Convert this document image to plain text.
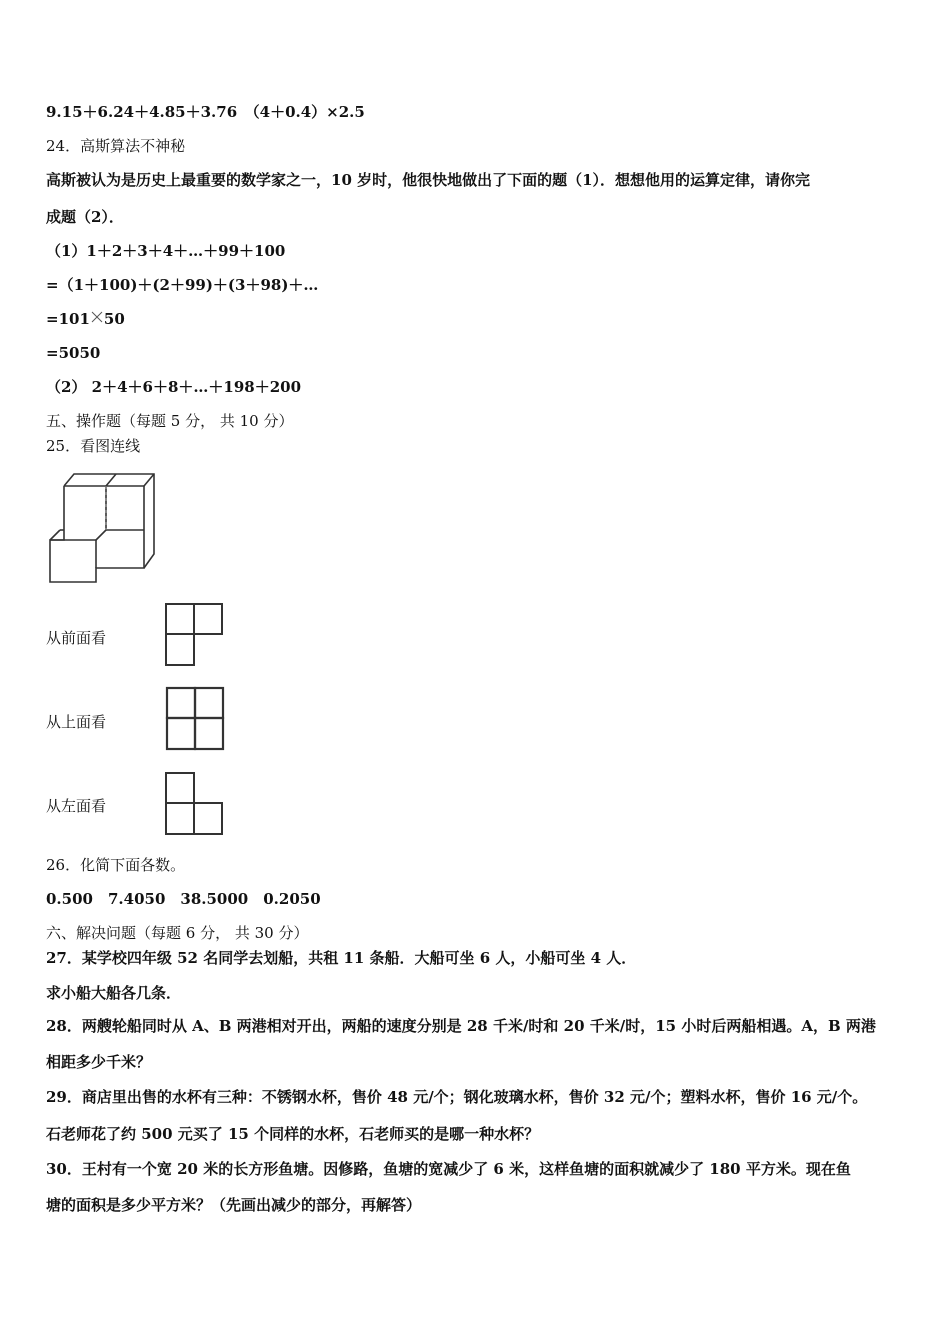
9.15＋6.24＋4.85＋3.76　（4＋0.4）×2.5
24．高斯算法不神秘
高斯被认为是历史上最重要的数学家之一，10 岁时，他很快地做出了下面的题（1）．想想他用的运算定律，请你完
成题（2）．
（1）1＋2＋3＋4＋…＋99＋100
=（1＋100)＋(2＋99)＋(3＋98)＋…
=101 50
=5050
（2） 2＋4＋6＋8＋…＋198＋200
五、操作题（每题 5 分， 共 10 分）
25．看图连线
从前面看
从上面看
从左面看
26．化简下面各数。
0.500　7.4050　38.5000　0.2050
六、解决问题（每题 6 分， 共 30 分）
27．某学校四年级 52 名同学去划船，共租 11 条船．大船可坐 6 人，小船可坐 4 人．
求小船大船各几条．
28．两艘轮船同时从 A、B 两港相对开出，两船的速度分别是 28 千米/时和 20 千米/时，15 小时后两船相遇。A，B 两港
相距多少千米？
29．商店里出售的水杯有三种：不锈钢水杯，售价 48 元/个；钢化玻璃水杯，售价 32 元/个；塑料水杯，售价 16 元/个。
石老师花了约 500 元买了 15 个同样的水杯，石老师买的是哪一种水杯？
30．王村有一个宽 20 米的长方形鱼塘。因修路，鱼塘的宽减少了 6 米，这样鱼塘的面积就减少了 180 平方米。现在鱼
塘的面积是多少平方米？（先画出减少的部分，再解答）
